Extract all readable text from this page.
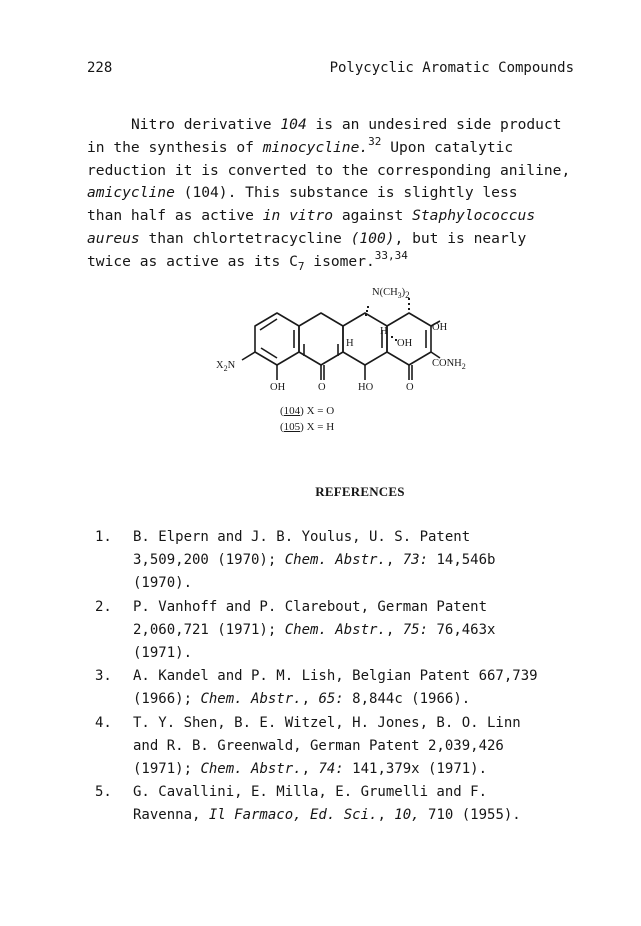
228	Polycyclic Aromatic Compounds
Nitro derivative 104 is an undesired side product
in the synthesis of minocycline.$^{32}$ Upon catalytic
reduction it is converted to the corresponding aniline,
amicycline (104). This substance is slightly less
than half as active in vitro against Staphylococcus
aureus than chlortetracycline (100), but is nearly
twice as active as its $C_7$ isomer.$^{33,34}$
$N(CH_3)2$
OH
OH
H
H
$X_2N$	$CONH_2$
O	O
OH	HO
(104) X = O
(105) X = H
REFERENCES
1. B. Elpern and J. B. Youlus, U. S. Patent
3,509,200 (1970); Chem. Abstr., 73: 14,546b
(1970).
2. P. Vanhoff and P. Clarebout, German Patent
2,060,721 (1971); Chem. Abstr., 75: 76,463x
(1971).
3. A. Kandel and P. M. Lish, Belgian Patent 667,739
(1966); Chem. Abstr., 65: 8,844c (1966).
4. T. Y. Shen, B. E. Witzel, H. Jones, B. O. Linn
and R. B. Greenwald, German Patent 2,039,426
(1971); Chem. Abstr., 74: 141,379x (1971).
5. G. Cavallini, E. Milla, E. Grumelli and F.
Ravenna, Il Farmaco, Ed. Sci., 10, 710 (1955).
